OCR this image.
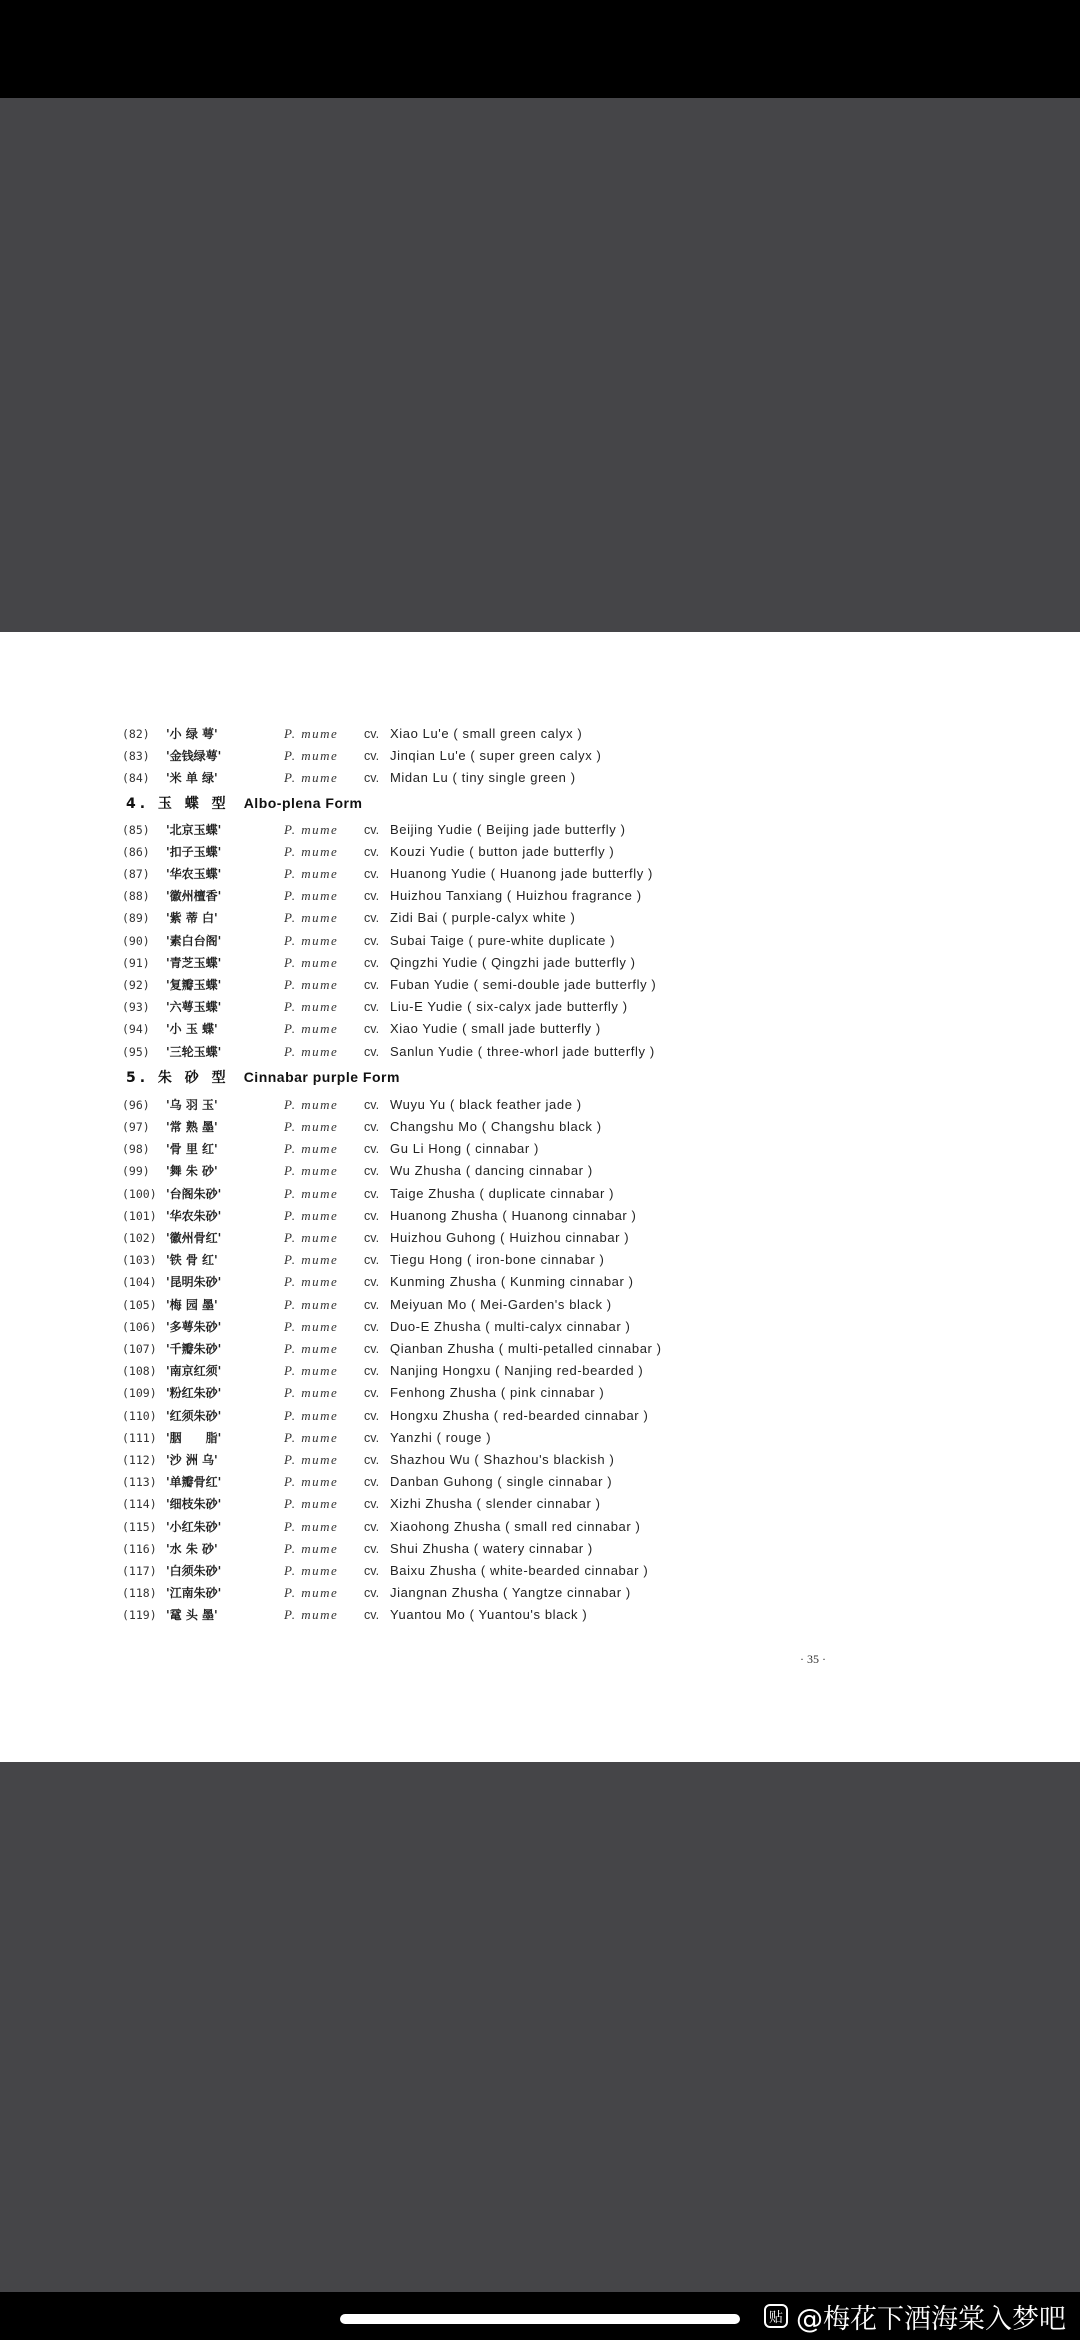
(82) '小 绿 萼'	P. mume cv. Xiao Lu'e ( small green calyx )
(83) '金钱绿萼'	P. mume cv. Jinqian Lu'e ( super green calyx )
(84) '米 单 绿'	P. mume cv. Midan Lu ( tiny single green )
4. 玉 蝶 型 Albo-plena Form
(85) '北京玉蝶'	P. mume cv. Beijing Yudie ( Beijing jade butterfly )
(86) '扣子玉蝶'	P. mume cv. Kouzi Yudie ( button jade butterfly )
(87) '华农玉蝶'	P. mume cv. Huanong Yudie ( Huanong jade butterfly )
(88) '徽州檀香'	P. mume cv. Huizhou Tanxiang ( Huizhou fragrance )
(89) '紫 蒂 白'	P. mume cv. Zidi Bai ( purple-calyx white )
(90) '素白台阁'	P. mume cv. Subai Taige ( pure-white duplicate )
(91) '青芝玉蝶'	P. mume cv. Qingzhi Yudie ( Qingzhi jade butterfly )
(92) '复瓣玉蝶'	P. mume cv. Fuban Yudie ( semi-double jade butterfly )
(93) '六萼玉蝶'	P. mume cv. Liu-E Yudie ( six-calyx jade butterfly )
(94) '小 玉 蝶'	P. mume cv. Xiao Yudie ( small jade butterfly )
(95) '三轮玉蝶'	P. mume cv. Sanlun Yudie ( three-whorl jade butterfly )
5. 朱 砂 型 Cinnabar purple Form
(96) '乌 羽 玉'	P. mume cv. Wuyu Yu ( black feather jade )
(97) '常 熟 墨'	P. mume cv. Changshu Mo ( Changshu black )
(98) '骨 里 红'	P. mume cv. Gu Li Hong ( cinnabar )
(99) '舞 朱 砂'	P. mume cv. Wu Zhusha ( dancing cinnabar )
(100) '台阁朱砂'	P. mume cv. Taige Zhusha ( duplicate cinnabar )
(101) '华农朱砂'	P. mume cv. Huanong Zhusha ( Huanong cinnabar )
(102) '徽州骨红'	P. mume cv. Huizhou Guhong ( Huizhou cinnabar )
(103) '铁 骨 红'	P. mume cv. Tiegu Hong ( iron-bone cinnabar )
(104) '昆明朱砂'	P. mume cv. Kunming Zhusha ( Kunming cinnabar )
(105) '梅 园 墨'	P. mume cv. Meiyuan Mo ( Mei-Garden's black )
(106) '多萼朱砂'	P. mume cv. Duo-E Zhusha ( multi-calyx cinnabar )
(107) '千瓣朱砂'	P. mume cv. Qianban Zhusha ( multi-petalled cinnabar )
(108) '南京红须'	P. mume cv. Nanjing Hongxu ( Nanjing red-bearded )
(109) '粉红朱砂'	P. mume cv. Fenhong Zhusha ( pink cinnabar )
(110) '红须朱砂'	P. mume cv. Hongxu Zhusha ( red-bearded cinnabar )
(111) '胭　　脂'	P. mume cv. Yanzhi ( rouge )
(112) '沙 洲 乌'	P. mume cv. Shazhou Wu ( Shazhou's blackish )
(113) '单瓣骨红'	P. mume cv. Danban Guhong ( single cinnabar )
(114) '细枝朱砂'	P. mume cv. Xizhi Zhusha ( slender cinnabar )
(115) '小红朱砂'	P. mume cv. Xiaohong Zhusha ( small red cinnabar )
(116) '水 朱 砂'	P. mume cv. Shui Zhusha ( watery cinnabar )
(117) '白须朱砂'	P. mume cv. Baixu Zhusha ( white-bearded cinnabar )
(118) '江南朱砂'	P. mume cv. Jiangnan Zhusha ( Yangtze cinnabar )
(119) '鼋 头 墨'	P. mume cv. Yuantou Mo ( Yuantou's black )
· 35 ·
贴 @梅花下酒海棠入梦吧
